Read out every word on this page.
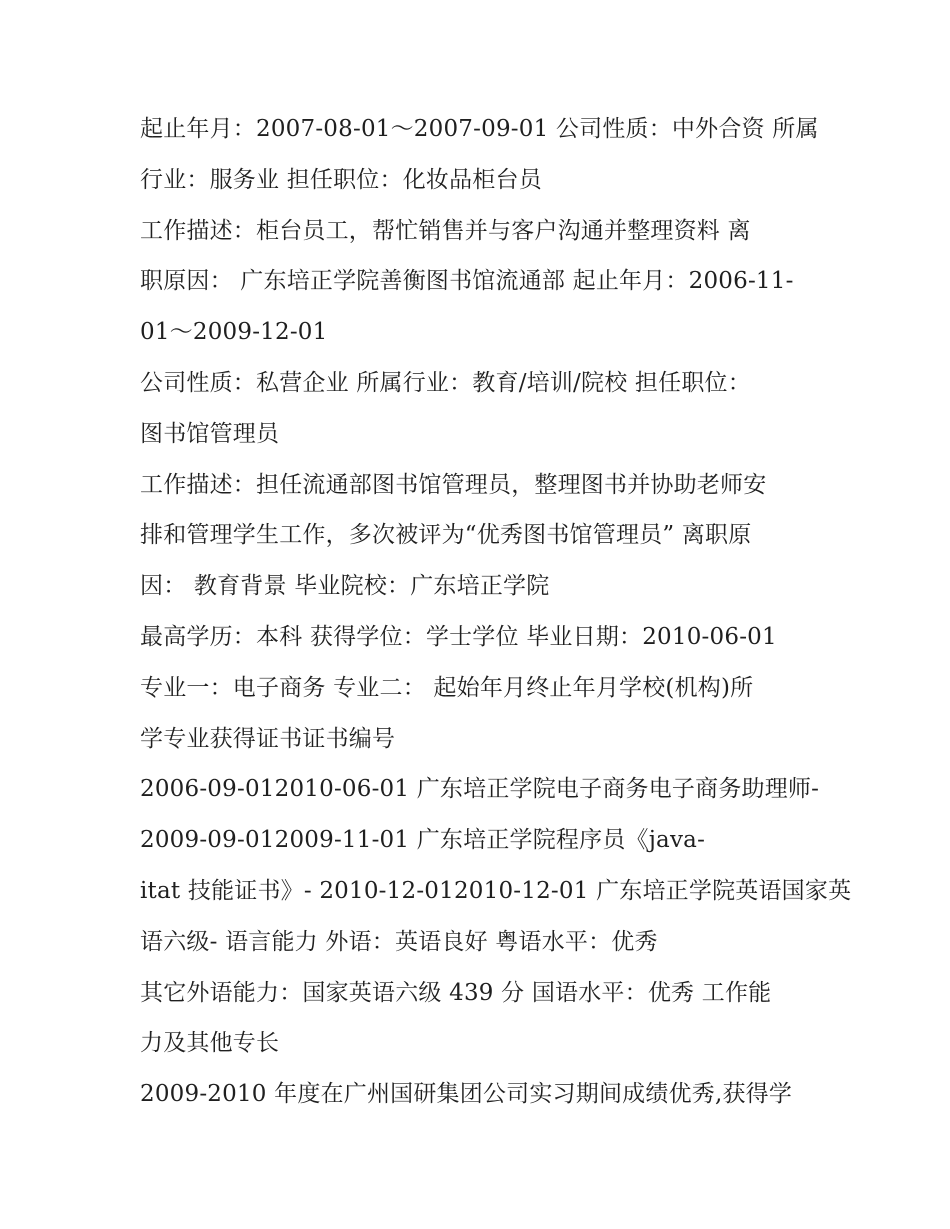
起止年月：2007-08-01～2007-09-01 公司性质：中外合资 所属
行业：服务业 担任职位：化妆品柜台员
工作描述：柜台员工，帮忙销售并与客户沟通并整理资料 离
职原因： 广东培正学院善衡图书馆流通部 起止年月：2006-11-
01～2009-12-01
公司性质：私营企业 所属行业：教育/培训/院校 担任职位：
图书馆管理员
工作描述：担任流通部图书馆管理员，整理图书并协助老师安
排和管理学生工作，多次被评为“优秀图书馆管理员” 离职原
因： 教育背景 毕业院校：广东培正学院
最高学历：本科 获得学位：学士学位 毕业日期：2010-06-01
专业一：电子商务 专业二： 起始年月终止年月学校(机构)所
学专业获得证书证书编号
2006-09-012010-06-01 广东培正学院电子商务电子商务助理师-
2009-09-012009-11-01 广东培正学院程序员《java-
itat 技能证书》- 2010-12-012010-12-01 广东培正学院英语国家英
语六级- 语言能力 外语：英语良好 粤语水平：优秀
其它外语能力：国家英语六级 439 分 国语水平：优秀 工作能
力及其他专长
2009-2010 年度在广州国研集团公司实习期间成绩优秀,获得学
